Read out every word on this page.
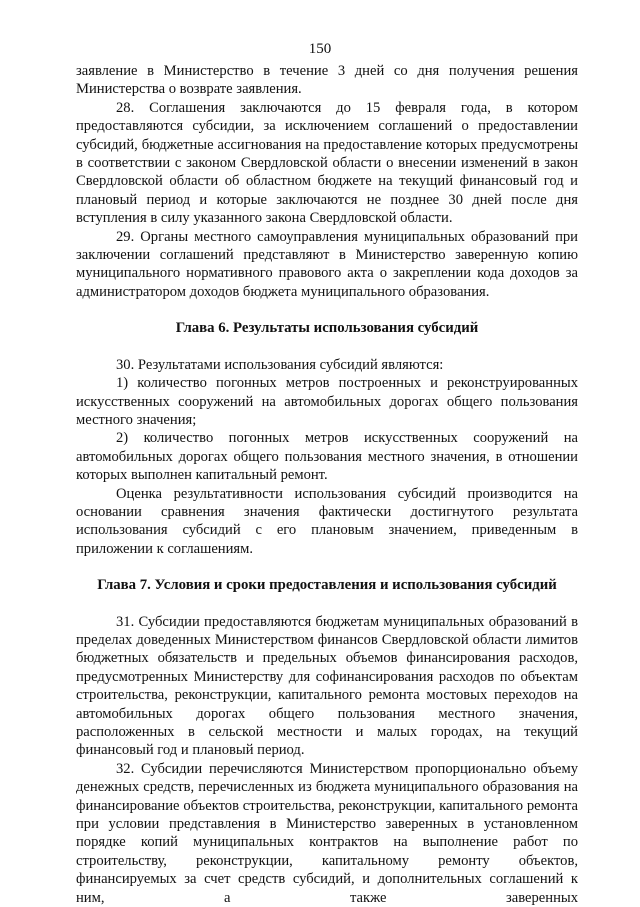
150

заявление в Министерство в течение 3 дней со дня получения решения Министерства о возврате заявления.

28. Соглашения заключаются до 15 февраля года, в котором предоставляются субсидии, за исключением соглашений о предоставлении субсидий, бюджетные ассигнования на предоставление которых предусмотрены в соответствии с законом Свердловской области о внесении изменений в закон Свердловской области об областном бюджете на текущий финансовый год и плановый период и которые заключаются не позднее 30 дней после дня вступления в силу указанного закона Свердловской области.

29. Органы местного самоуправления муниципальных образований при заключении соглашений представляют в Министерство заверенную копию муниципального нормативного правового акта о закреплении кода доходов за администратором доходов бюджета муниципального образования.

Глава 6. Результаты использования субсидий

30. Результатами использования субсидий являются:

1) количество погонных метров построенных и реконструированных искусственных сооружений на автомобильных дорогах общего пользования местного значения;

2) количество погонных метров искусственных сооружений на автомобильных дорогах общего пользования местного значения, в отношении которых выполнен капитальный ремонт.

Оценка результативности использования субсидий производится на основании сравнения значения фактически достигнутого результата использования субсидий с его плановым значением, приведенным в приложении к соглашениям.

Глава 7. Условия и сроки предоставления и использования субсидий

31. Субсидии предоставляются бюджетам муниципальных образований в пределах доведенных Министерством финансов Свердловской области лимитов бюджетных обязательств и предельных объемов финансирования расходов, предусмотренных Министерству для софинансирования расходов по объектам строительства, реконструкции, капитального ремонта мостовых переходов на автомобильных дорогах общего пользования местного значения, расположенных в сельской местности и малых городах, на текущий финансовый год и плановый период.

32. Субсидии перечисляются Министерством пропорционально объему денежных средств, перечисленных из бюджета муниципального образования на финансирование объектов строительства, реконструкции, капитального ремонта при условии представления в Министерство заверенных в установленном порядке копий муниципальных контрактов на выполнение работ по строительству, реконструкции, капитальному ремонту объектов, финансируемых за счет средств субсидий, и дополнительных соглашений к ним, а также заверенных
